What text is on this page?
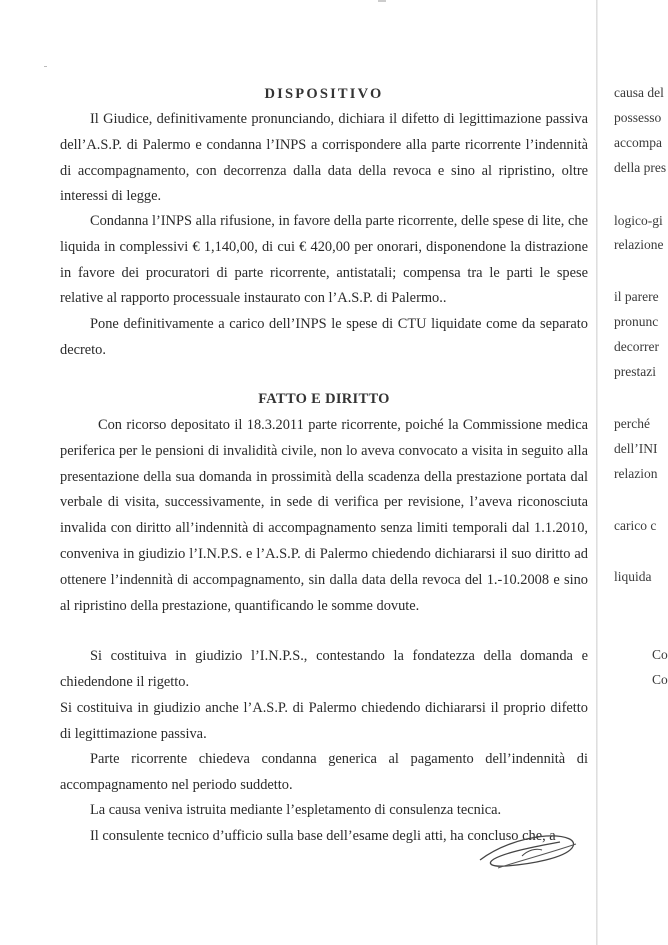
DISPOSITIVO

Il Giudice, definitivamente pronunciando, dichiara il difetto di legittimazione passiva dell’A.S.P. di Palermo e condanna l’INPS a corrispondere alla parte ricorrente l’indennità di accompagnamento, con decorrenza dalla data della revoca e sino al ripristino, oltre interessi di legge.

Condanna l’INPS alla rifusione, in favore della parte ricorrente, delle spese di lite, che liquida in complessivi € 1,140,00, di cui € 420,00 per onorari, disponendone la distrazione in favore dei procuratori di parte ricorrente, antistatali; compensa tra le parti le spese relative al rapporto processuale instaurato con l’A.S.P. di Palermo..

Pone definitivamente a carico dell’INPS le spese di CTU liquidate come da separato decreto.

FATTO E DIRITTO

Con ricorso depositato il 18.3.2011 parte ricorrente, poiché la Commissione medica periferica per le pensioni di invalidità civile, non lo aveva convocato a visita in seguito alla presentazione della sua domanda in prossimità della scadenza della prestazione portata dal verbale di visita, successivamente, in sede di verifica per revisione, l’aveva riconosciuta invalida con diritto all’indennità di accompagnamento senza limiti temporali dal 1.1.2010, conveniva in giudizio l’I.N.P.S. e l’A.S.P. di Palermo chiedendo dichiararsi il suo diritto ad ottenere l’indennità di accompagnamento, sin dalla data della revoca del 1.-10.2008 e sino al ripristino della prestazione, quantificando le somme dovute.

Si costituiva in giudizio l’I.N.P.S., contestando la fondatezza della domanda e chiedendone il rigetto.

Si costituiva in giudizio anche l’A.S.P. di Palermo chiedendo dichiararsi il proprio difetto di legittimazione passiva.

Parte ricorrente chiedeva condanna generica al pagamento dell’indennità di accompagnamento nel periodo suddetto.

La causa veniva istruita mediante l’espletamento di consulenza tecnica.

Il consulente tecnico d’ufficio sulla base dell’esame degli atti, ha concluso che, a

causa del
possesso
accompa
della pres
logico-gi
relazione
il parere
pronunc
decorrer
prestazi
perché
dell’INI
relazion
carico c
liquida
Co
Co
